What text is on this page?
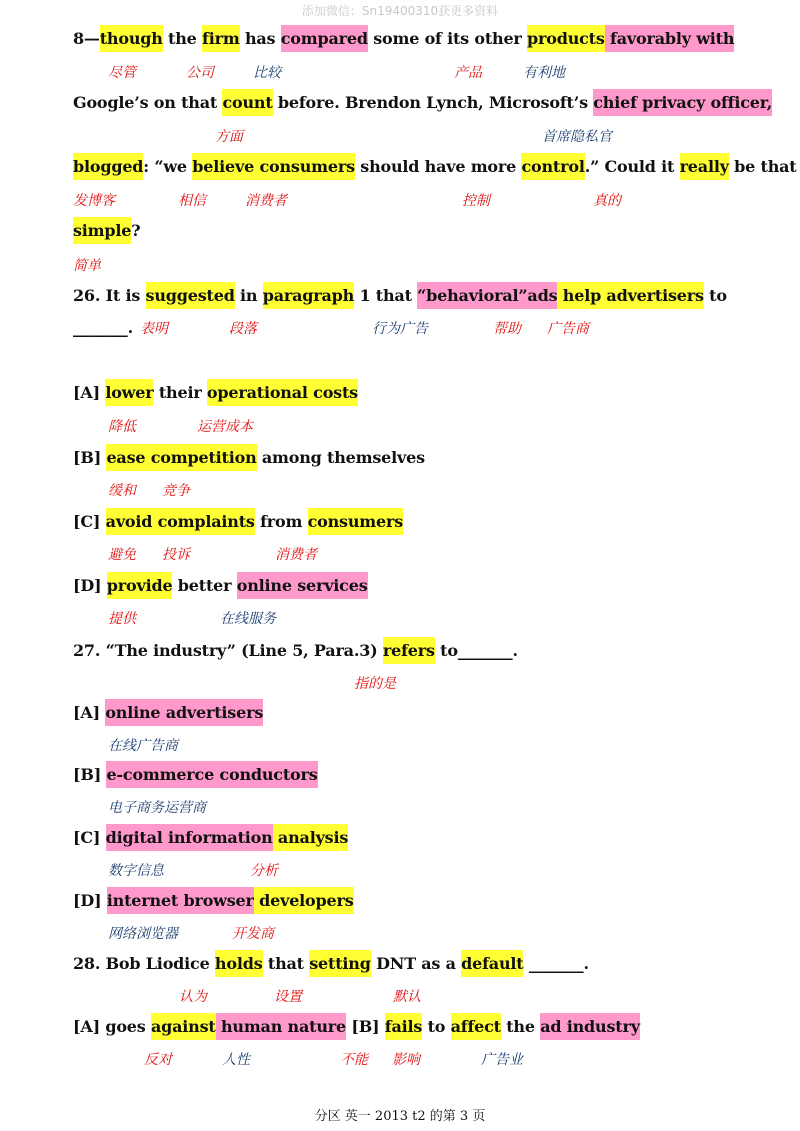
添加微信：Sn19400310获更多资料
8—though the firm has compared some of its other products favorably with
Google’s on that count before. Brendon Lynch, Microsoft’s chief privacy officer,
blogged: “we believe consumers should have more control.” Could it really be that
simple?
26. It is suggested in paragraph 1 that “behavioral”ads help advertisers to
_______.
[A] lower their operational costs
[B] ease competition among themselves
[C] avoid complaints from consumers
[D] provide better online services
27. “The industry” (Line 5, Para.3) refers to_______.
[A] online advertisers
[B] e-commerce conductors
[C] digital information analysis
[D] internet browser developers
28. Bob Liodice holds that setting DNT as a default _______.
[A] goes against human nature [B] fails to affect the ad industry
尽管	公司	比较	产品	有利地
方面	首席隐私官
发博客	相信	消费者	控制	真的
简单
表明	段落	行为广告	帮助 广告商
降低	运营成本
缓和 竞争
避免 投诉	消费者
提供	在线服务
指的是
在线广告商
电子商务运营商
数字信息	分析
网络浏览器	开发商
认为	设置	默认
反对	人性	不能 影响	广告业
分区 英一 2013 t2 的第 3 页
